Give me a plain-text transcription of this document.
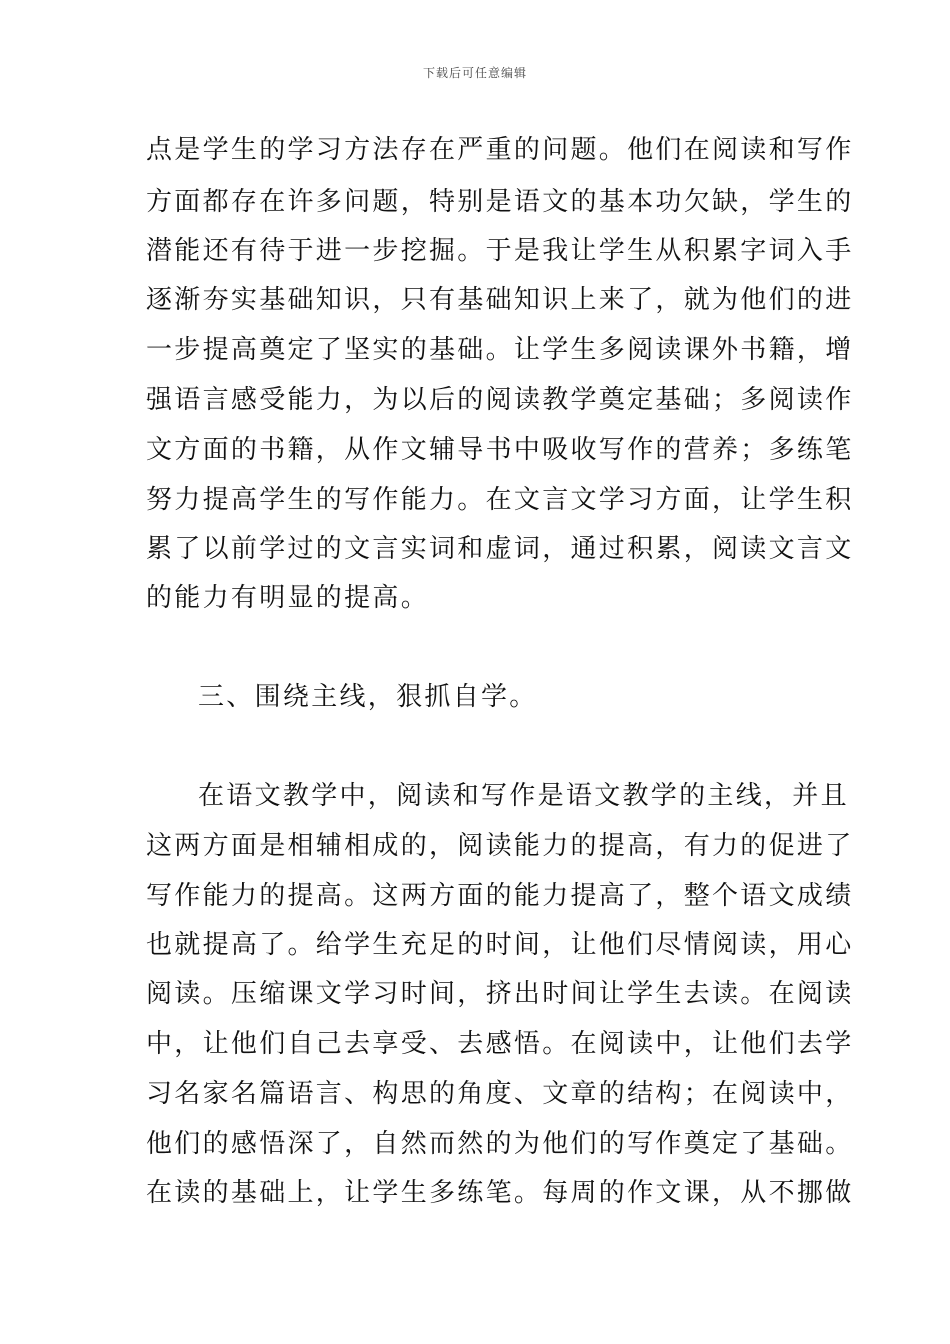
下载后可任意编辑
点是学生的学习方法存在严重的问题。他们在阅读和写作
方面都存在许多问题，特别是语文的基本功欠缺，学生的
潜能还有待于进一步挖掘。于是我让学生从积累字词入手
逐渐夯实基础知识，只有基础知识上来了，就为他们的进
一步提高奠定了坚实的基础。让学生多阅读课外书籍，增
强语言感受能力，为以后的阅读教学奠定基础；多阅读作
文方面的书籍，从作文辅导书中吸收写作的营养；多练笔
努力提高学生的写作能力。在文言文学习方面，让学生积
累了以前学过的文言实词和虚词，通过积累，阅读文言文
的能力有明显的提高。
三、围绕主线，狠抓自学。
在语文教学中，阅读和写作是语文教学的主线，并且
这两方面是相辅相成的，阅读能力的提高，有力的促进了
写作能力的提高。这两方面的能力提高了，整个语文成绩
也就提高了。给学生充足的时间，让他们尽情阅读，用心
阅读。压缩课文学习时间，挤出时间让学生去读。在阅读
中，让他们自己去享受、去感悟。在阅读中，让他们去学
习名家名篇语言、构思的角度、文章的结构；在阅读中，
他们的感悟深了，自然而然的为他们的写作奠定了基础。
在读的基础上，让学生多练笔。每周的作文课，从不挪做
